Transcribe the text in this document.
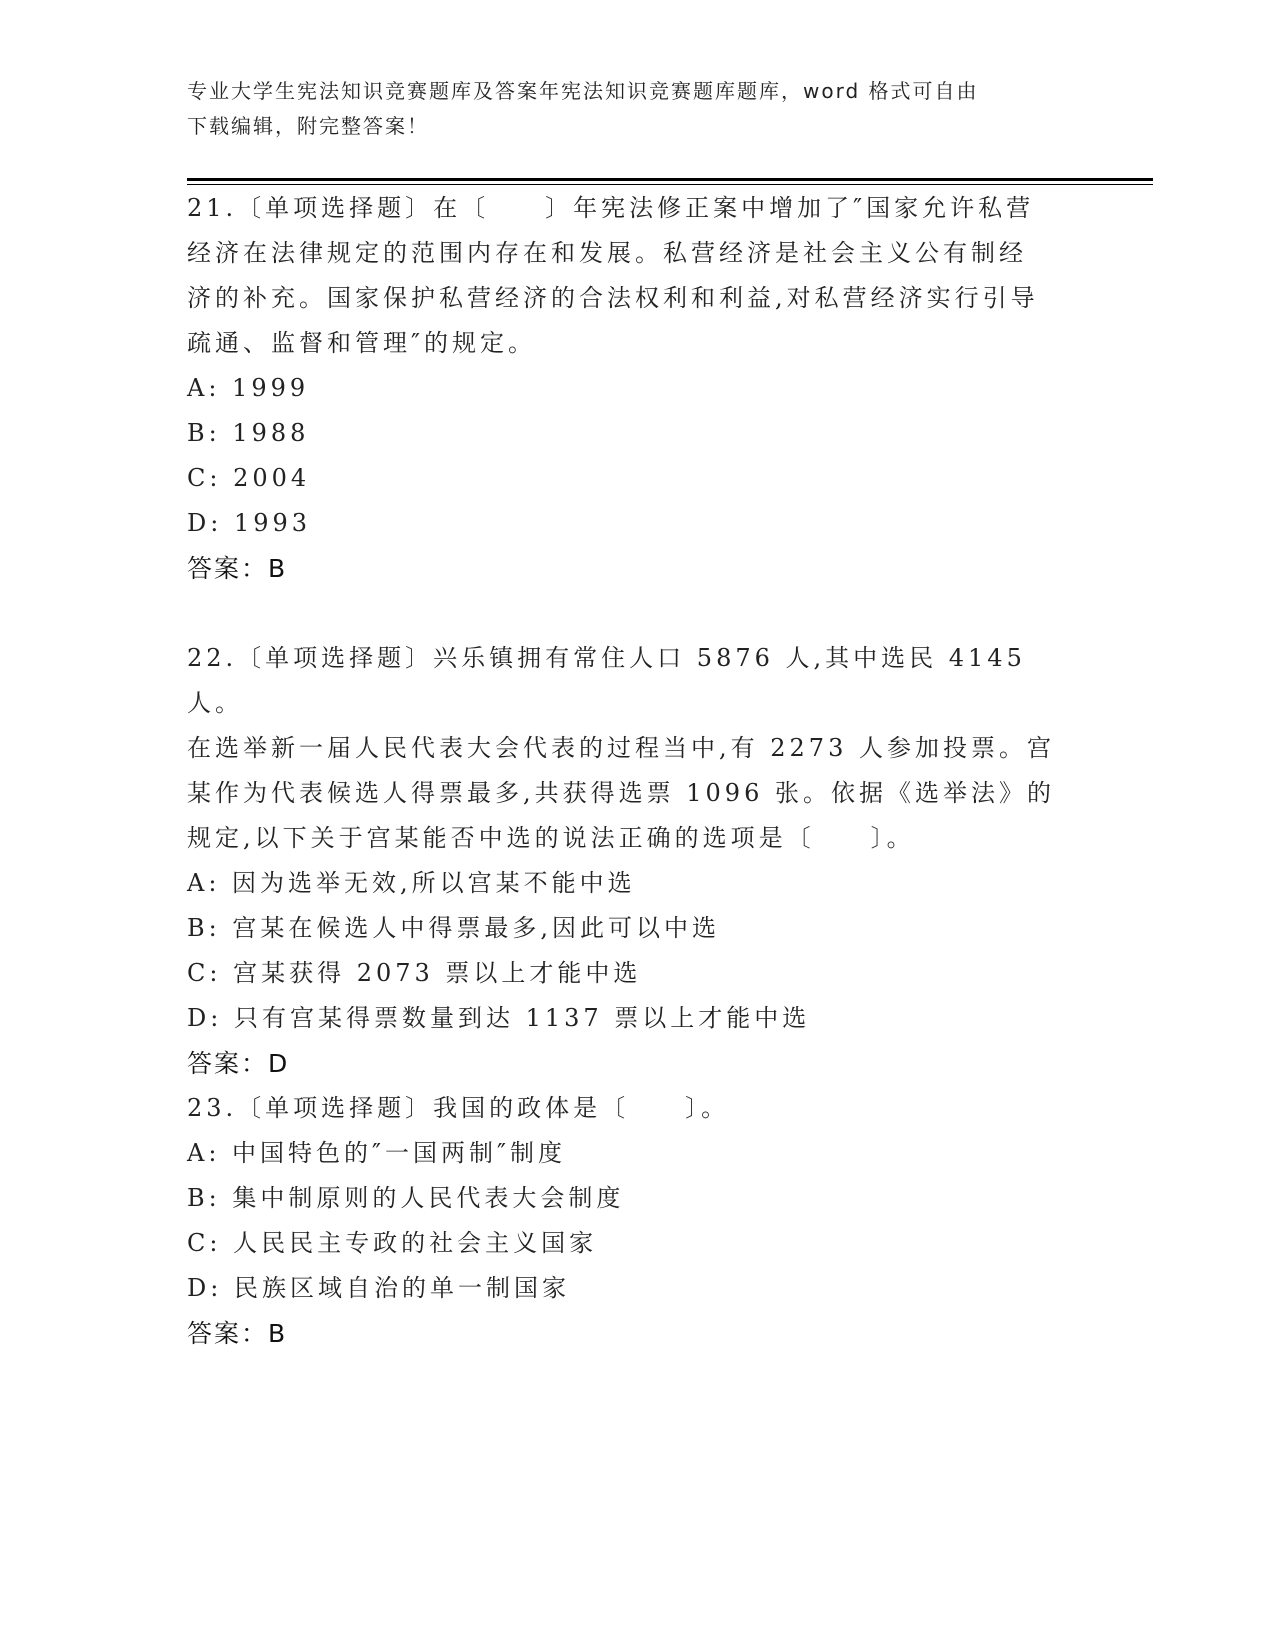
专业大学生宪法知识竞赛题库及答案年宪法知识竞赛题库题库，word 格式可自由
下载编辑，附完整答案！
21.〔单项选择题〕在〔　　〕年宪法修正案中增加了″国家允许私营
经济在法律规定的范围内存在和发展。私营经济是社会主义公有制经
济的补充。国家保护私营经济的合法权利和利益,对私营经济实行引导
疏通、监督和管理″的规定。
A: 1999
B: 1988
C: 2004
D: 1993
答案：B
22.〔单项选择题〕兴乐镇拥有常住人口 5876 人,其中选民 4145 人。
在选举新一届人民代表大会代表的过程当中,有 2273 人参加投票。宫
某作为代表候选人得票最多,共获得选票 1096 张。依据《选举法》的
规定,以下关于宫某能否中选的说法正确的选项是〔　　〕。
A: 因为选举无效,所以宫某不能中选
B: 宫某在候选人中得票最多,因此可以中选
C: 宫某获得 2073 票以上才能中选
D: 只有宫某得票数量到达 1137 票以上才能中选
答案：D
23.〔单项选择题〕我国的政体是〔　　〕。
A: 中国特色的″一国两制″制度
B: 集中制原则的人民代表大会制度
C: 人民民主专政的社会主义国家
D: 民族区域自治的单一制国家
答案：B
